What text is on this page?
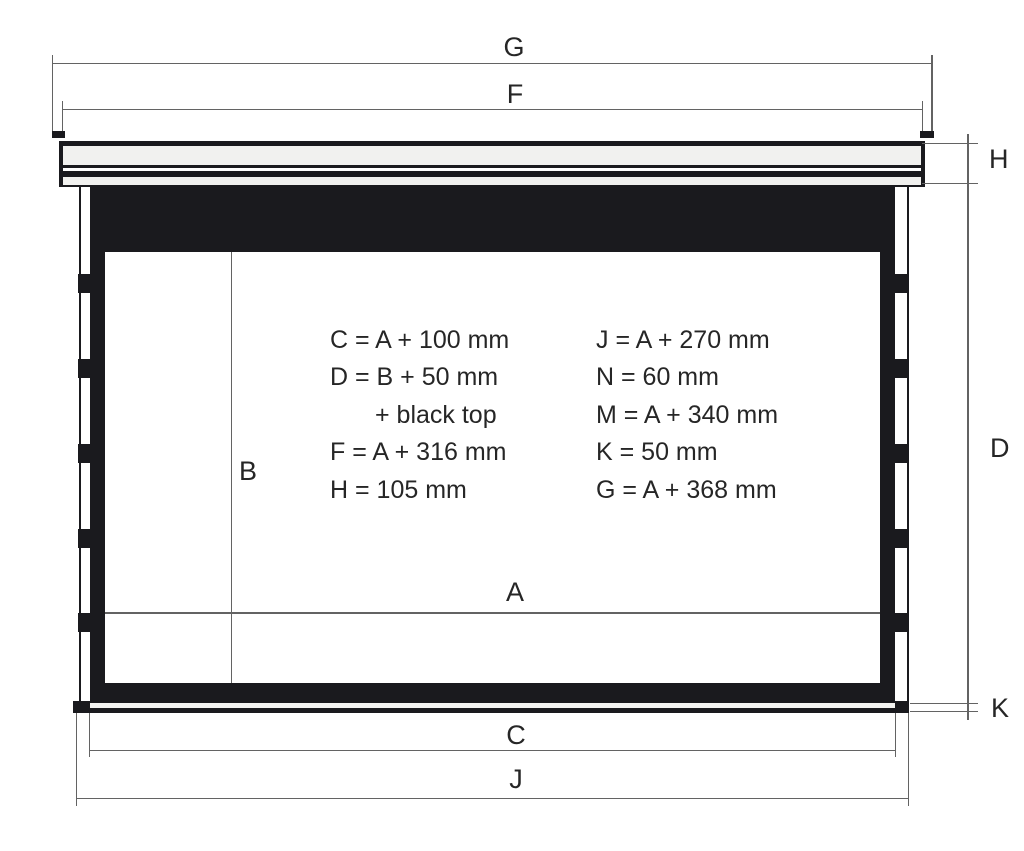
G
F
H
B
A
C = A + 100 mm
D = B + 50 mm
+ black top
F = A + 316 mm
H = 105 mm
J = A + 270 mm
N = 60 mm
M = A + 340 mm
K = 50 mm
G = A + 368 mm
D
K
C
J
